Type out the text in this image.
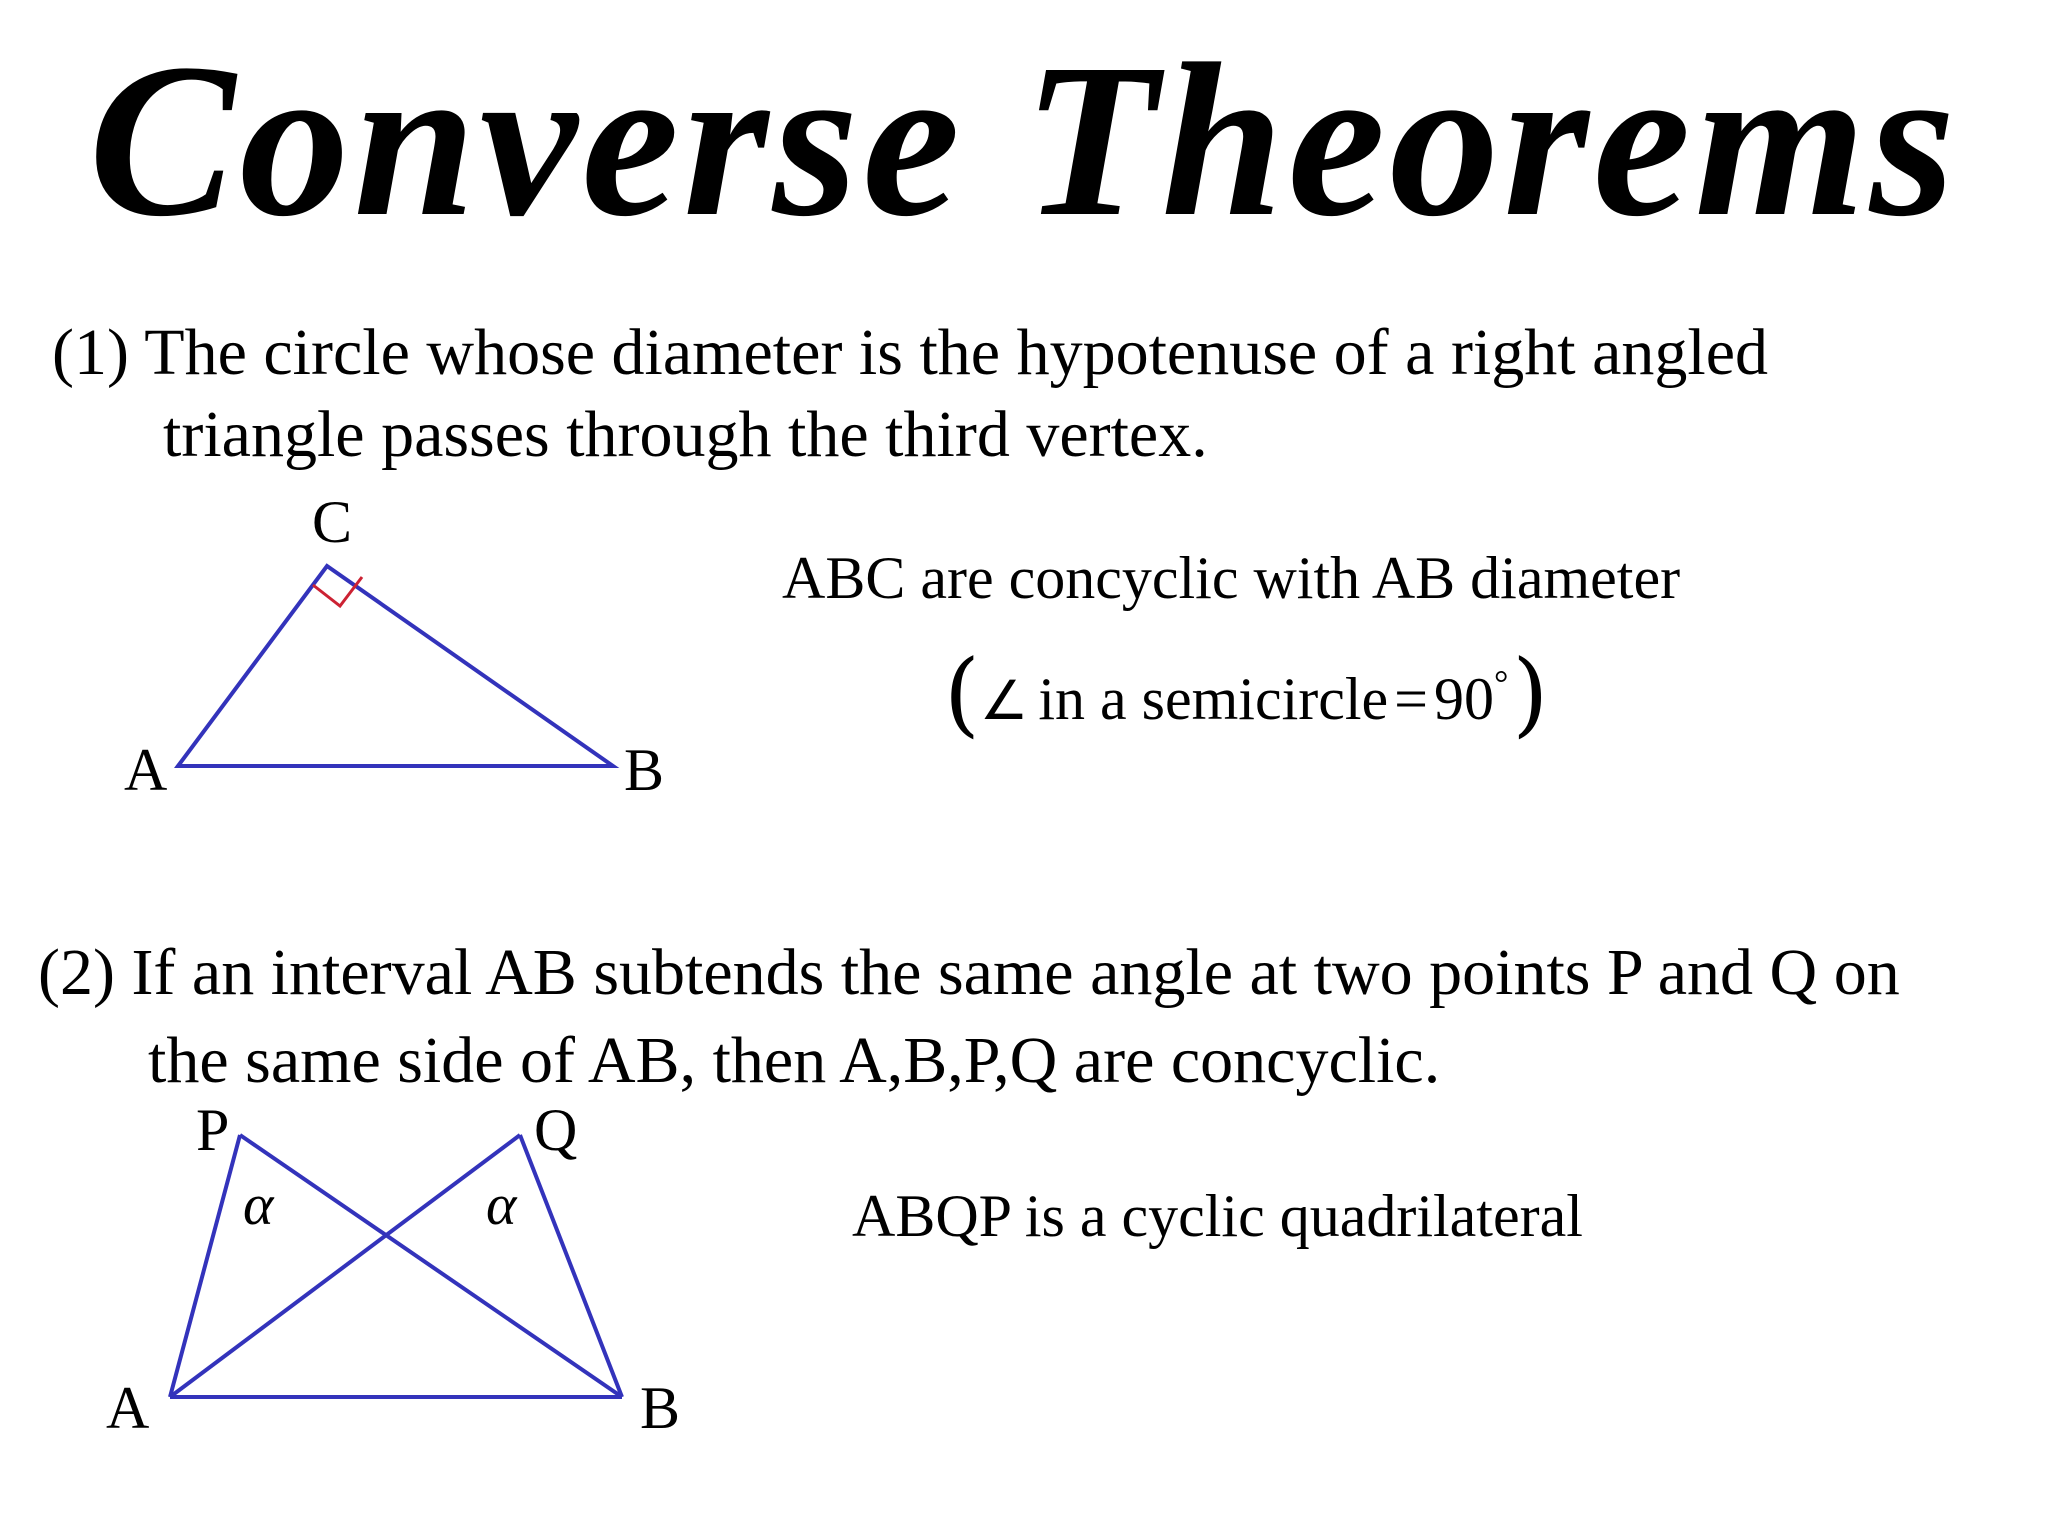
Converse Theorems
(1) The circle whose diameter is the hypotenuse of a right angled
triangle passes through the third vertex.
C
A	B
ABC are concyclic with AB diameter
(∠ in a semicircle = 90°)
(2) If an interval AB subtends the same angle at two points P and Q on
the same side of AB, then A,B,P,Q are concyclic.
P	Q
A	B
α	α	ABQP is a cyclic quadrilateral
